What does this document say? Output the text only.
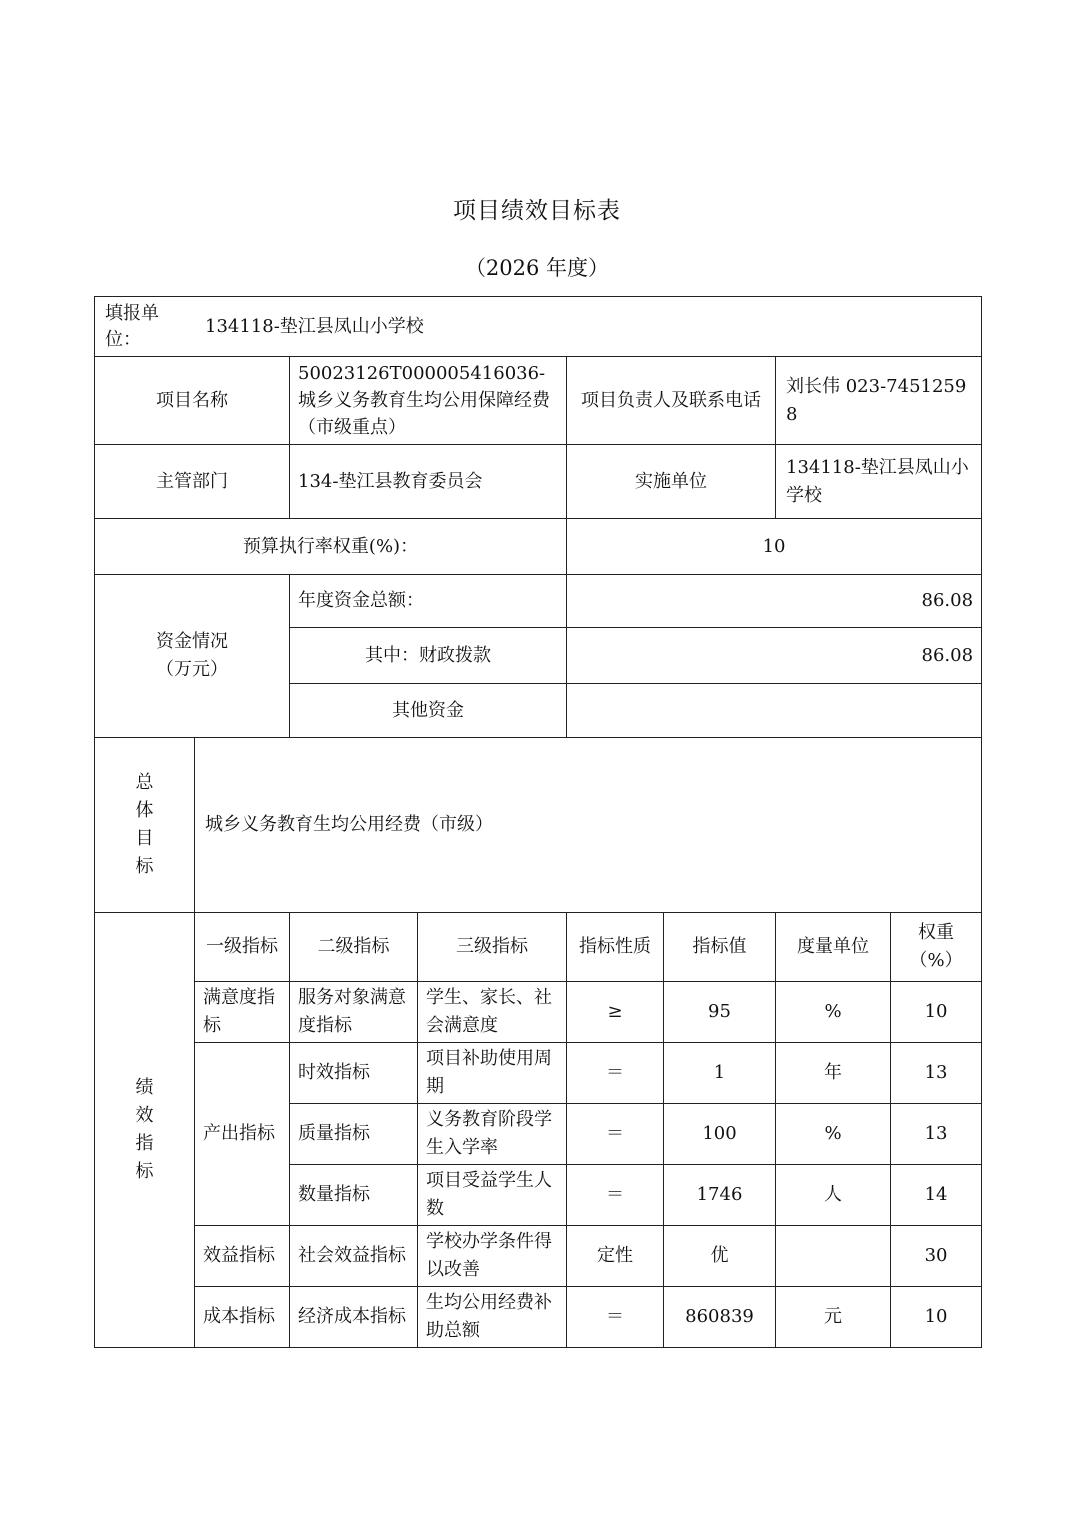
项目绩效目标表
（2026 年度）
填报单位：
134118-垫江县凤山小学校							

项目名称		50023126T000005416036-城乡义务教育生均公用保障经费（市级重点）		项目负责人及联系电话		刘长伟 023-74512598	
主管部门		134-垫江县教育委员会		实施单位		134118-垫江县凤山小学校	
预算执行率权重(%)：				10			

资金情况
（万元）		年度资金总额：		86.08			
		其中：财政拨款		86.08			
		其他资金					

总
体
目
标	城乡义务教育生均公用经费（市级）						

绩
效
指
标	一级指标	二级指标	三级指标	指标性质	指标值	度量单位	权重（%）
	满意度指标	服务对象满意度指标	学生、家长、社会满意度	≥	95	%	10
	产出指标	时效指标	项目补助使用周期	＝	1	年	13
		质量指标	义务教育阶段学生入学率	＝	100	%	13
		数量指标	项目受益学生人数	＝	1746	人	14
	效益指标	社会效益指标	学校办学条件得以改善	定性	优		30
	成本指标	经济成本指标	生均公用经费补助总额	＝	860839	元	10
